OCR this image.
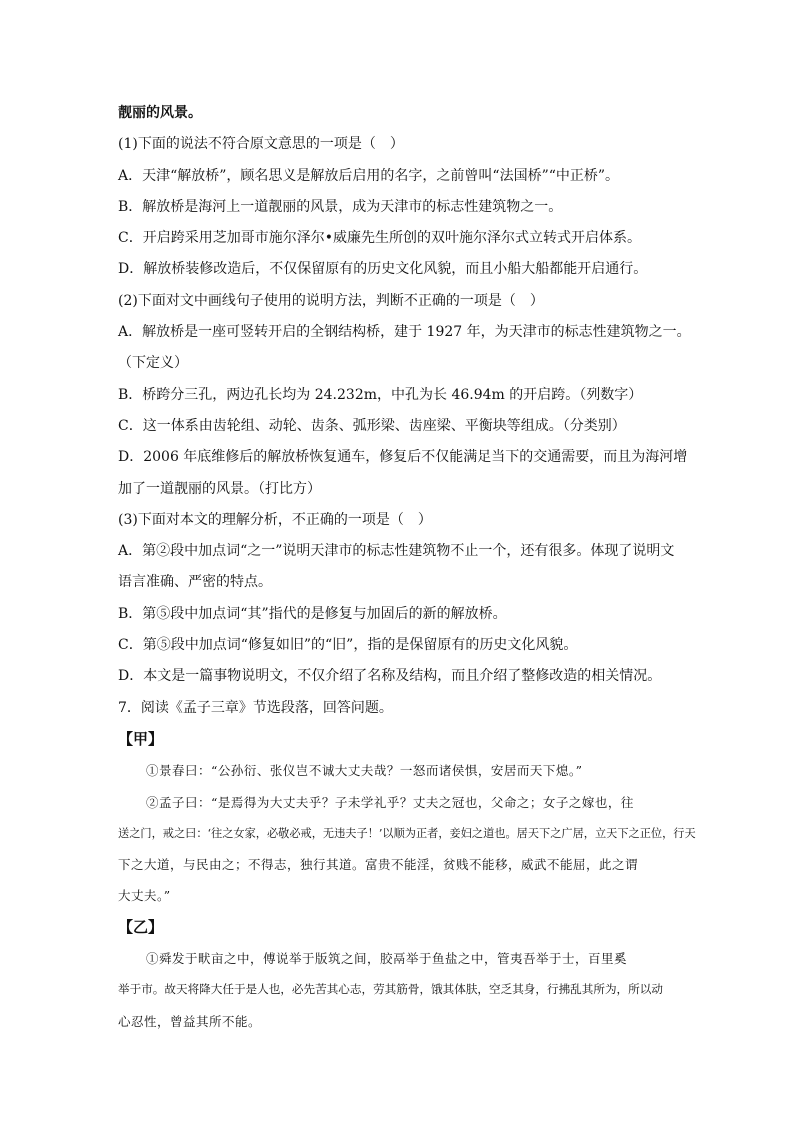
靓丽的风景。
(1)下面的说法不符合原文意思的一项是（　）
A．天津“解放桥”，顾名思义是解放后启用的名字，之前曾叫“法国桥”“中正桥”。
B．解放桥是海河上一道靓丽的风景，成为天津市的标志性建筑物之一。
C．开启跨采用芝加哥市施尔泽尔•威廉先生所创的双叶施尔泽尔式立转式开启体系。
D．解放桥装修改造后，不仅保留原有的历史文化风貌，而且小船大船都能开启通行。
(2)下面对文中画线句子使用的说明方法，判断不正确的一项是（　）
A．解放桥是一座可竖转开启的全钢结构桥，建于 1927 年，为天津市的标志性建筑物之一。
（下定义）
B．桥跨分三孔，两边孔长均为 24.232m，中孔为长 46.94m 的开启跨。（列数字）
C．这一体系由齿轮组、动轮、齿条、弧形梁、齿座梁、平衡块等组成。（分类别）
D．2006 年底维修后的解放桥恢复通车，修复后不仅能满足当下的交通需要，而且为海河增
加了一道靓丽的风景。（打比方）
(3)下面对本文的理解分析，不正确的一项是（　）
A．第②段中加点词“之一”说明天津市的标志性建筑物不止一个，还有很多。体现了说明文
语言准确、严密的特点。
B．第⑤段中加点词“其”指代的是修复与加固后的新的解放桥。
C．第⑤段中加点词“修复如旧”的“旧”，指的是保留原有的历史文化风貌。
D．本文是一篇事物说明文，不仅介绍了名称及结构，而且介绍了整修改造的相关情况。
7．阅读《孟子三章》节选段落，回答问题。
【甲】
①景春曰：“公孙衍、张仪岂不诚大丈夫哉？一怒而诸侯惧，安居而天下熄。”
②孟子曰：“是焉得为大丈夫乎？子未学礼乎？丈夫之冠也，父命之；女子之嫁也，往
送之门，戒之曰：‘往之女家，必敬必戒，无违夫子！’以顺为正者，妾妇之道也。居天下之广居，立天下之正位，行天
下之大道，与民由之；不得志，独行其道。富贵不能淫，贫贱不能移，威武不能屈，此之谓
大丈夫。”
【乙】
①舜发于畎亩之中，傅说举于版筑之间，胶鬲举于鱼盐之中，管夷吾举于士，百里奚
举于市。故天将降大任于是人也，必先苦其心志，劳其筋骨，饿其体肤，空乏其身，行拂乱其所为，所以动
心忍性，曾益其所不能。
